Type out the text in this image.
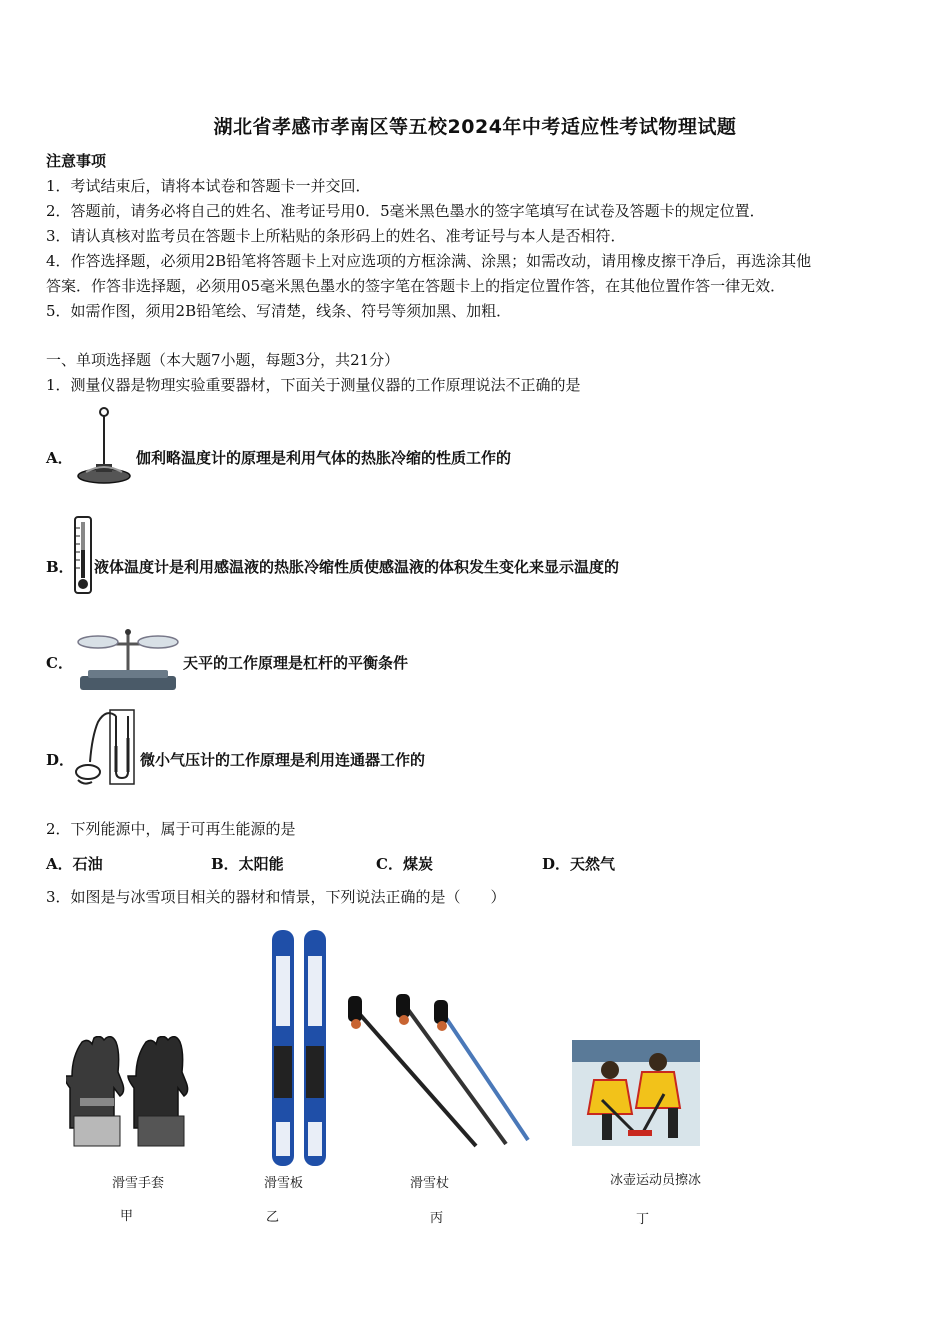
湖北省孝感市孝南区等五校2024年中考适应性考试物理试题
注意事项
1．考试结束后，请将本试卷和答题卡一并交回．
2．答题前，请务必将自己的姓名、准考证号用0．5毫米黑色墨水的签字笔填写在试卷及答题卡的规定位置．
3．请认真核对监考员在答题卡上所粘贴的条形码上的姓名、准考证号与本人是否相符．
4．作答选择题，必须用2B铅笔将答题卡上对应选项的方框涂满、涂黑；如需改动，请用橡皮擦干净后，再选涂其他
答案．作答非选择题，必须用05毫米黑色墨水的签字笔在答题卡上的指定位置作答，在其他位置作答一律无效．
5．如需作图，须用2B铅笔绘、写清楚，线条、符号等须加黑、加粗．
一、单项选择题（本大题7小题，每题3分，共21分）
1．测量仪器是物理实验重要器材，下面关于测量仪器的工作原理说法不正确的是
A．	伽利略温度计的原理是利用气体的热胀冷缩的性质工作的
B． 液体温度计是利用感温液的热胀冷缩性质使感温液的体积发生变化来显示温度的
C．	天平的工作原理是杠杆的平衡条件
D．	微小气压计的工作原理是利用连通器工作的
2．下列能源中，属于可再生能源的是
A．石油	B．太阳能	C．煤炭	D．天然气
3．如图是与冰雪项目相关的器材和情景，下列说法正确的是（　　）
滑雪手套	滑雪板	滑雪杖	冰壶运动员擦冰
甲	乙	丙	丁
